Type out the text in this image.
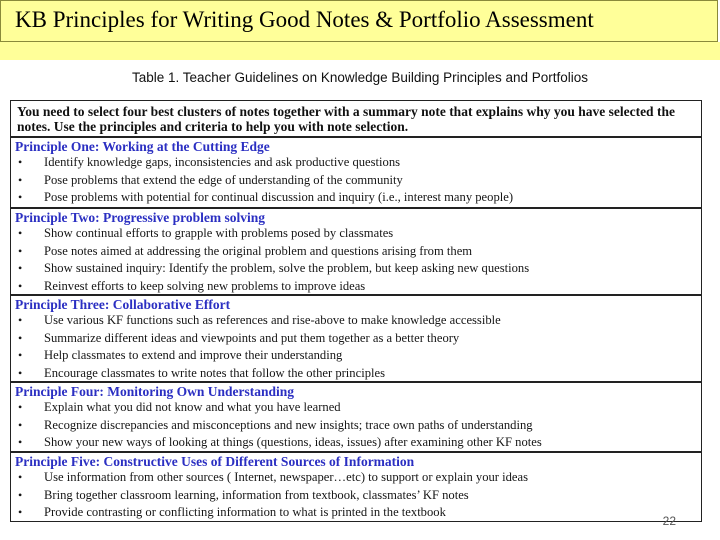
KB Principles for Writing Good Notes & Portfolio Assessment
Table 1. Teacher Guidelines on Knowledge Building Principles and Portfolios
You need to select four best clusters of notes together with a summary note that explains why you have selected the notes. Use the principles and criteria to help you with note selection.
Principle One: Working at the Cutting Edge
• Identify knowledge gaps, inconsistencies and ask productive questions
• Pose problems that extend the edge of understanding of the community
• Pose problems with potential for continual discussion and inquiry (i.e., interest many people)
Principle Two: Progressive problem solving
• Show continual efforts to grapple with problems posed by classmates
• Pose notes aimed at addressing the original problem and questions arising from them
• Show sustained inquiry: Identify the problem, solve the problem, but keep asking new questions
• Reinvest efforts to keep solving new problems to improve ideas
Principle Three: Collaborative Effort
• Use various KF functions such as references and rise-above to make knowledge accessible
• Summarize different ideas and viewpoints and put them together as a better theory
• Help classmates to extend and improve their understanding
• Encourage classmates to write notes that follow the other principles
Principle Four: Monitoring Own Understanding
• Explain what you did not know and what you have learned
• Recognize discrepancies and misconceptions and new insights; trace own paths of understanding
• Show your new ways of looking at things (questions, ideas, issues) after examining other KF notes
Principle Five: Constructive Uses of Different Sources of Information
• Use information from other sources ( Internet, newspaper…etc) to support or explain your ideas
• Bring together classroom learning, information from textbook, classmates’ KF notes
• Provide contrasting or conflicting information to what is printed in the textbook
22
